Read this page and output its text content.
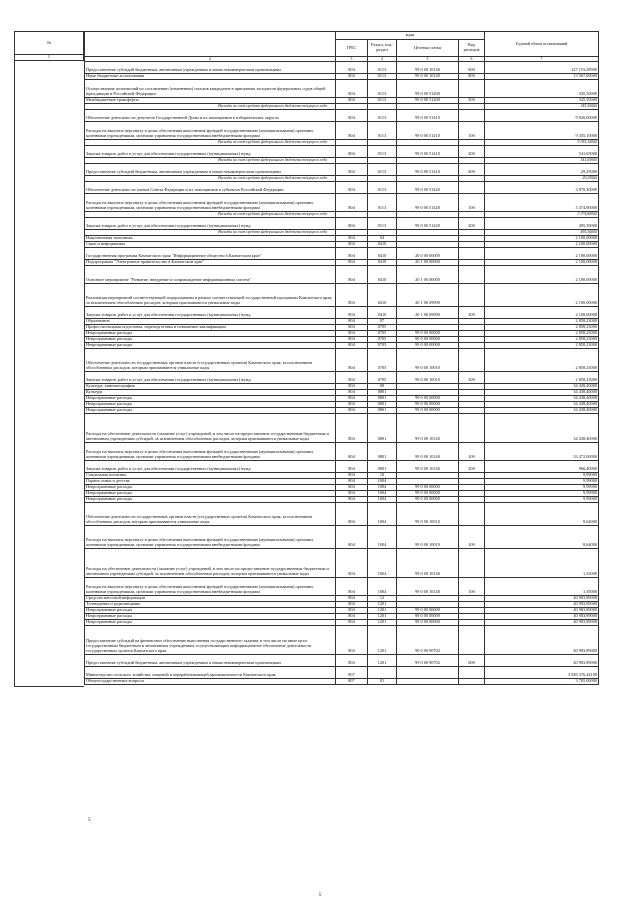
	коды				Годовой объем ассигнований
	ГРБС	Раздел, под-раздел	Целевая статья	Вид расходов	
2	3	4	5	6	7
Предоставление субсидий бюджетным, автономным учреждениям и иным некоммерческим организациям	804	0113	99 0 00 10140	600	227 153,28900
Иные бюджетные ассигнования	804	0113	99 0 00 10140	800	13 567,69000
Осуществление полномочий по составлению (изменению) списков кандидатов в присяжные заседатели федеральных судов общей юрисдикции в Российской Федерации	804	0113	99 0 00 51200		345,50000
Межбюджетные трансферты	804	0113	99 0 00 51200	500	345,50000
Расходы за счет средств федерального бюджета текущего года					345,50000
Обеспечение деятельности депутатов Государственной Думы и их помощников в избирательных округах	804	0113	99 0 00 51410		9 926,00000
Расходы на выплаты персоналу в целях обеспечения выполнения функций государственными (муниципальными) органами, казенными учреждениями, органами управления государственными внебюджетными фондами	804	0113	99 0 00 51410	100	9 355,10000
Расходы за счет средств федерального бюджета текущего года					9 355,10000
Закупка товаров, работ и услуг для обеспечения государственных (муниципальных) нужд	804	0113	99 0 00 51410	200	541,65000
Расходы за счет средств федерального бюджета текущего года					541,65000
Предоставление субсидий бюджетным, автономным учреждениям и иным некоммерческим организациям	804	0113	99 0 00 51410	600	29,25000
Расходы за счет средств федерального бюджета текущего года					29,25000
Обеспечение деятельности членов Совета Федерации и их помощников в субъектах Российской Федерации	804	0113	99 0 00 51420		3 870,30000
Расходы на выплаты персоналу в целях обеспечения выполнения функций государственными (муниципальными) органами, казенными учреждениями, органами управления государственными внебюджетными фондами	804	0113	99 0 00 51420	100	3 374,80000
Расходы за счет средств федерального бюджета текущего года					3 374,80000
Закупка товаров, работ и услуг для обеспечения государственных (муниципальных) нужд	804	0113	99 0 00 51420	200	495,50000
Расходы за счет средств федерального бюджета текущего года					495,50000
Национальная экономика	804	04			2 100,00000
Связь и информатика	804	0410			2 100,00000
Государственная программа Камчатского края "Информационное общество в Камчатском крае"	804	0410	20 0 00 00000		2 100,00000
Подпрограмма "Электронное правительство в Камчатском крае"	804	0410	20 1 00 00000		2 100,00000
Основное мероприятие "Развитие, внедрение и сопровождение информационных систем"	804	0410	20 1 06 00000		2 100,00000
Реализация мероприятий соответствующей подпрограммы в рамках соответствующей государственной программы Камчатского края, за исключением обособленных расходов, которым присваиваются уникальные коды	804	0410	20 1 06 09990		2 100,00000
Закупка товаров, работ и услуг для обеспечения государственных (муниципальных) нужд	804	0410	20 1 06 09990	200	2 100,00000
Образование	804	07			2 858,23000
Профессиональная подготовка, переподготовка и повышение квалификации	804	0705			2 858,23000
Непрограммные расходы	804	0705	99 0 00 00000		2 858,23000
Непрограммные расходы	804	0705	99 0 00 00000		2 858,23000
Непрограммные расходы	804	0705	99 0 00 00000		2 858,23000
Обеспечение деятельности государственных органов власти (государственных органов) Камчатского края, за исключением обособленных расходов, которым присваиваются уникальные коды	804	0705	99 0 00 10010		2 858,23000
Закупка товаров, работ и услуг для обеспечения государственных (муниципальных) нужд	804	0705	99 0 00 10010	200	2 858,23000
Культура, кинематография	804	08			34 438,40000
Культура	804	0801			34 438,40000
Непрограммные расходы	804	0801	99 0 00 00000		34 438,40000
Непрограммные расходы	804	0801	99 0 00 00000		34 438,40000
Непрограммные расходы	804	0801	99 0 00 00000		34 438,40000
Расходы на обеспечение деятельности (оказание услуг) учреждений, в том числе на предоставление государственным бюджетным и автономным учреждениям субсидий, за исключением обособленных расходов, которым присваиваются уникальные коды	804	0801	99 0 00 10140		34 438,40000
Расходы на выплаты персоналу в целях обеспечения выполнения функций государственными (муниципальными) органами, казенными учреждениями, органами управления государственными внебюджетными фондами	804	0801	99 0 00 10140	100	33 472,00000
Закупка товаров, работ и услуг для обеспечения государственных (муниципальных) нужд	804	0801	99 0 00 10140	200	966,40000
Социальная политика	804	10			9,99000
Охрана семьи и детства	804	1004			9,99000
Непрограммные расходы	804	1004	99 0 00 00000		9,99000
Непрограммные расходы	804	1004	99 0 00 00000		9,99000
Непрограммные расходы	804	1004	99 0 00 00000		9,99000
Обеспечение деятельности государственных органов власти (государственных органов) Камчатского края, за исключением обособленных расходов, которым присваиваются уникальные коды	804	1004	99 0 00 10010		8,64000
Расходы на выплаты персоналу в целях обеспечения выполнения функций государственными (муниципальными) органами, казенными учреждениями, органами управления государственными внебюджетными фондами	804	1004	99 0 00 10010	100	8,64000
Расходы на обеспечение деятельности (оказание услуг) учреждений, в том числе на предоставление государственным бюджетным и автономным учреждениям субсидий, за исключением обособленных расходов, которым присваиваются уникальные коды	804	1004	99 0 00 10140		1,35000
Расходы на выплаты персоналу в целях обеспечения выполнения функций государственными (муниципальными) органами, казенными учреждениями, органами управления государственными внебюджетными фондами	804	1004	99 0 00 10140	100	1,35000
Средства массовой информации	804	12			40 983,89000
Телевидение и радиовещание	804	1201			40 983,89000
Непрограммные расходы	804	1201	99 0 00 00000		40 983,89000
Непрограммные расходы	804	1201	99 0 00 00000		40 983,89000
Непрограммные расходы	804	1201	99 0 00 00000		40 983,89000
Предоставление субсидий на финансовое обеспечение выполнения государственного задания, в том числе на иные цели государственным бюджетным и автономным учреждениям, осуществляющим информационное обеспечение деятельности государственных органов Камчатского края	804	1201	99 0 00 90702		40 983,89000
Предоставление субсидий бюджетным, автономным учреждениям и иным некоммерческим организациям	804	1201	99 0 00 90702	600	40 983,89000
Министерство сельского хозяйства, пищевой и перерабатывающей промышленности Камчатского края	807				3 849 376,44100
Общегосударственные вопросы	807	01			3 785,00000
№
1
5
5
